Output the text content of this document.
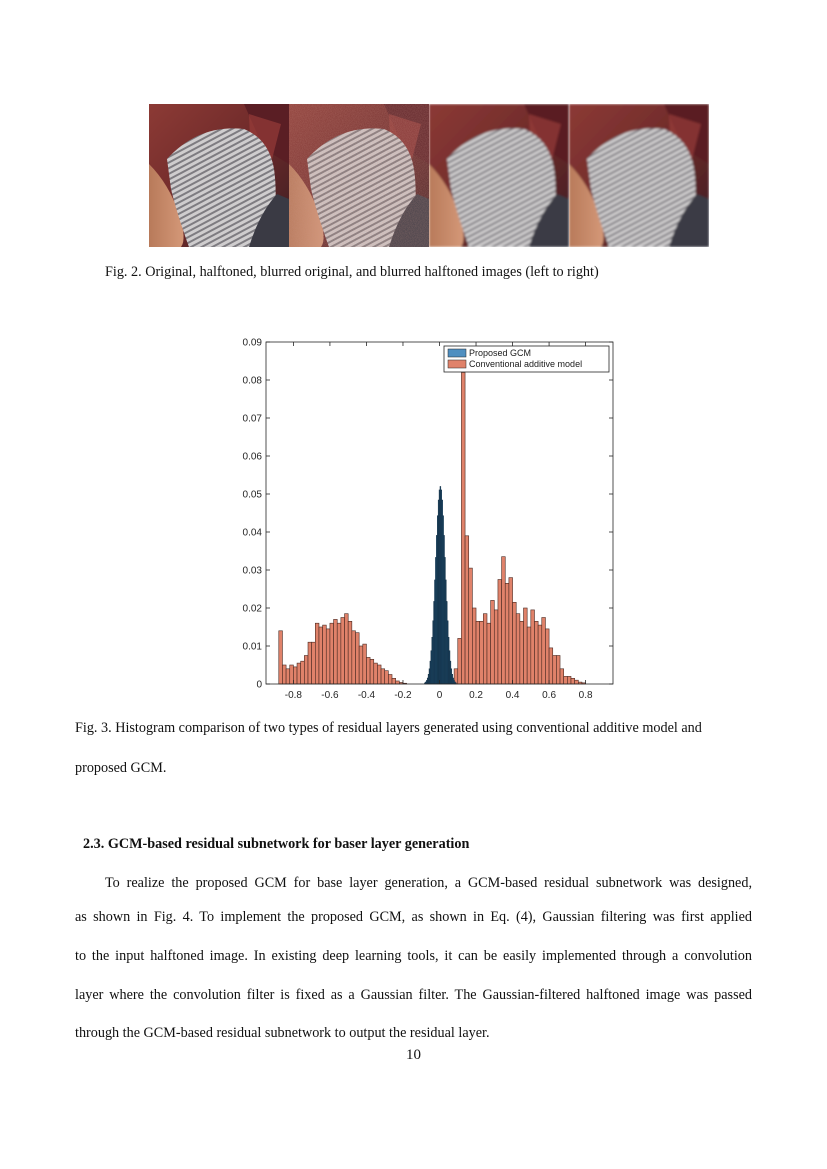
Fig. 2. Original, halftoned, blurred original, and blurred halftoned images (left to right)
-0.8 -0.6 -0.4 -0.2	0	0.2 0.4 0.6 0.8
0
0.01
0.02
0.03
0.04
0.05
0.06
0.07
0.08
0.09
Proposed GCM
Conventional additive model
Fig. 3. Histogram comparison of two types of residual layers generated using conventional additive model and
proposed GCM.
2.3. GCM-based residual subnetwork for baser layer generation
To realize the proposed GCM for base layer generation, a GCM-based residual subnetwork was designed,
as shown in Fig. 4. To implement the proposed GCM, as shown in Eq. (4), Gaussian filtering was first applied
to the input halftoned image. In existing deep learning tools, it can be easily implemented through a convolution
layer where the convolution filter is fixed as a Gaussian filter. The Gaussian-filtered halftoned image was passed
through the GCM-based residual subnetwork to output the residual layer.
10
